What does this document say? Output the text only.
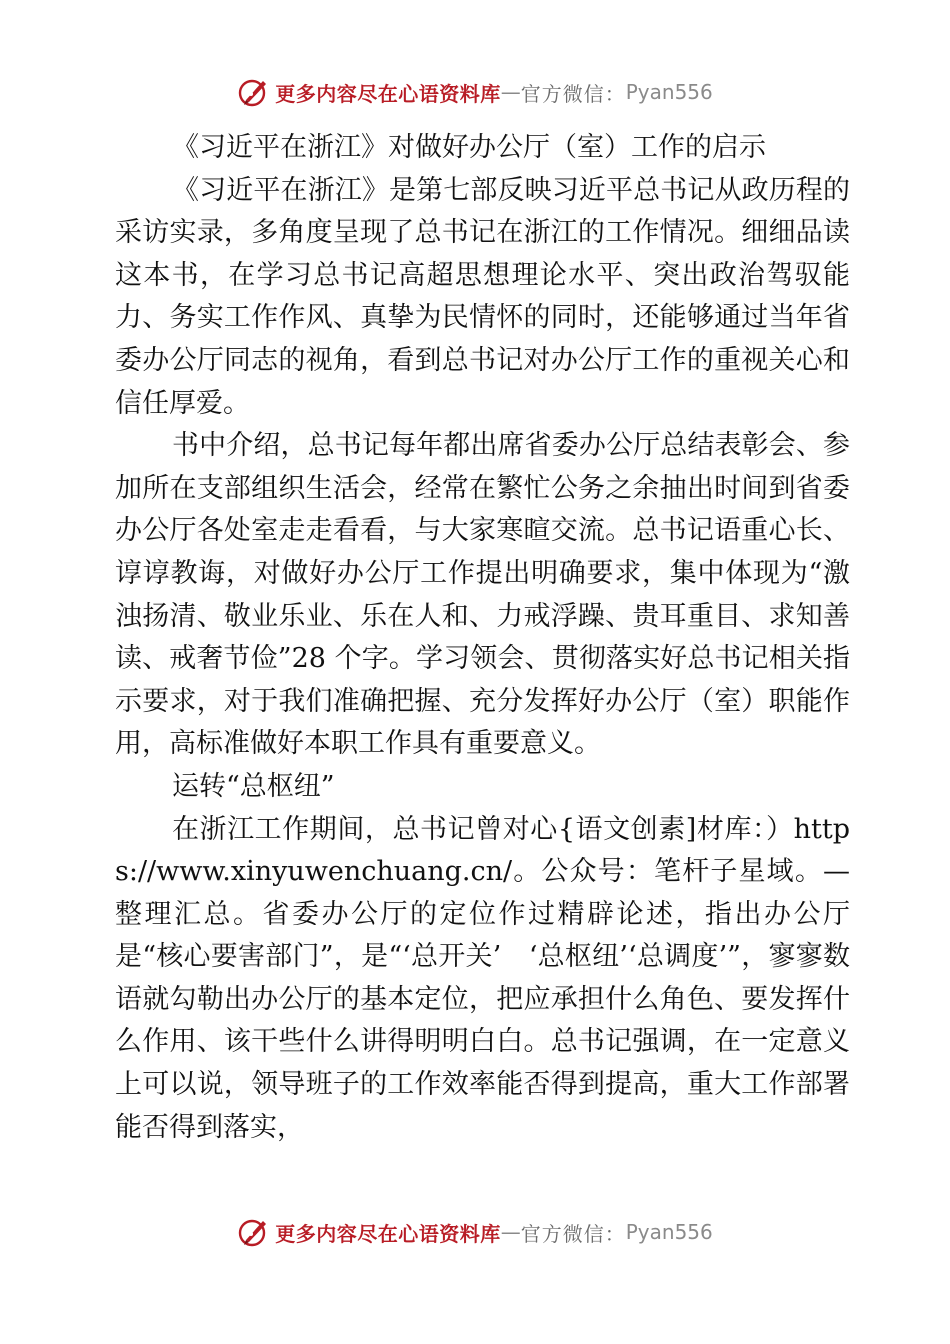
更多内容尽在心语资料库 — 官方微信： Pyan556

《习近平在浙江》对做好办公厅（室）工作的启示

《习近平在浙江》是第七部反映习近平总书记从政历程的采访实录，多角度呈现了总书记在浙江的工作情况。细细品读这本书，在学习总书记高超思想理论水平、突出政治驾驭能力、务实工作作风、真挚为民情怀的同时，还能够通过当年省委办公厅同志的视角，看到总书记对办公厅工作的重视关心和信任厚爱。

书中介绍，总书记每年都出席省委办公厅总结表彰会、参加所在支部组织生活会，经常在繁忙公务之余抽出时间到省委办公厅各处室走走看看，与大家寒暄交流。总书记语重心长、谆谆教诲，对做好办公厅工作提出明确要求，集中体现为“激浊扬清、敬业乐业、乐在人和、力戒浮躁、贵耳重目、求知善读、戒奢节俭”28 个字。学习领会、贯彻落实好总书记相关指示要求，对于我们准确把握、充分发挥好办公厅（室）职能作用，高标准做好本职工作具有重要意义。

运转“总枢纽”

在浙江工作期间，总书记曾对心{语文创素]材库：）https://www.xinyuwenchuang.cn/。公众号：笔杆子星域。—整理汇总。省委办公厅的定位作过精辟论述，指出办公厅是“核心要害部门”，是“‘总开关’　‘总枢纽’‘总调度’”，寥寥数语就勾勒出办公厅的基本定位，把应承担什么角色、要发挥什么作用、该干些什么讲得明明白白。总书记强调，在一定意义上可以说，领导班子的工作效率能否得到提高，重大工作部署能否得到落实，

更多内容尽在心语资料库 — 官方微信： Pyan556
